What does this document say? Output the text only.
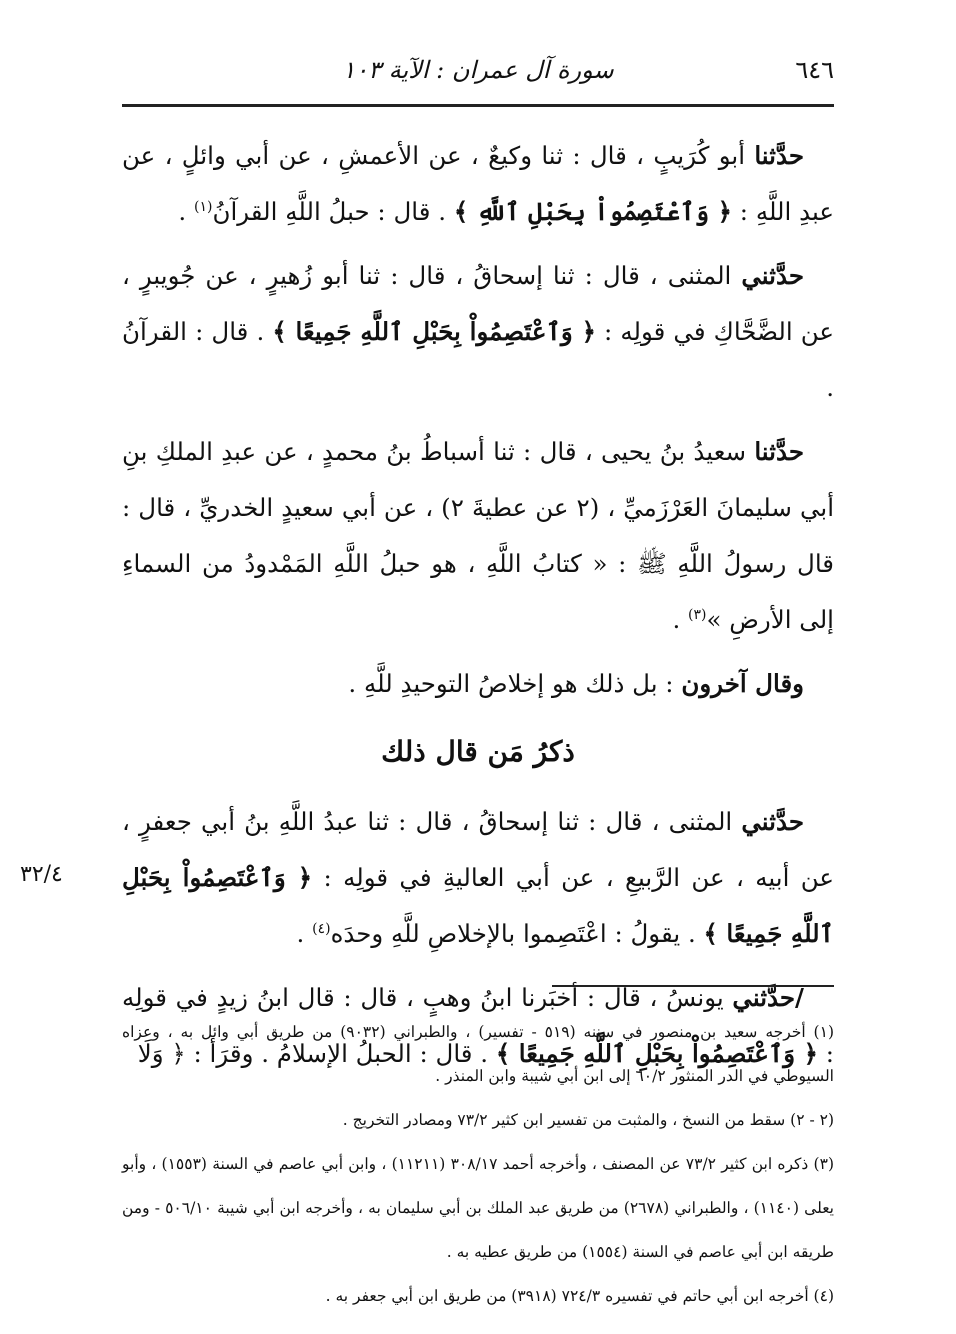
٦٤٦
سورة آل عمران : الآية ١٠٣

حدَّثنا أبو كُرَيبٍ ، قال : ثنا وكيعٌ ، عن الأعمشِ ، عن أبي وائلٍ ، عن عبدِ اللَّهِ : ﴿ وَٱعْتَصِمُواْ بِحَبْلِ ٱللَّهِ ﴾ . قال : حبلُ اللَّهِ القرآنُ$^{(١)}$ .

حدَّثني المثنى ، قال : ثنا إسحاقُ ، قال : ثنا أبو زُهيرٍ ، عن جُويبرٍ ، عن الضَّحَّاكِ في قولِه : ﴿ وَٱعْتَصِمُواْ بِحَبْلِ ٱللَّهِ جَمِيعًا ﴾ . قال : القرآنُ .

حدَّثنا سعيدُ بنُ يحيى ، قال : ثنا أسباطُ بنُ محمدٍ ، عن عبدِ الملكِ بنِ أبي سليمانَ العَرْزَميِّ ، (٢ عن عطيةَ ٢) ، عن أبي سعيدٍ الخدريِّ ، قال : قال رسولُ اللَّهِ ﷺ : « كتابُ اللَّهِ ، هو حبلُ اللَّهِ المَمْدودُ من السماءِ إلى الأرضِ »$^{(٣)}$ .

وقال آخرون : بل ذلك هو إخلاصُ التوحيدِ للَّهِ .

ذكرُ مَن قال ذلك

حدَّثني المثنى ، قال : ثنا إسحاقُ ، قال : ثنا عبدُ اللَّهِ بنُ أبي جعفرٍ ، عن أبيه ، عن الرَّبيعِ ، عن أبي العاليةِ في قولِه : ﴿ وَٱعْتَصِمُواْ بِحَبْلِ ٱللَّهِ جَمِيعًا ﴾ . يقولُ : اعْتَصِموا بالإخلاصِ للَّهِ وحدَه$^{(٤)}$ .

/حدَّثني يونسُ ، قال : أخبَرنا ابنُ وهبٍ ، قال : قال ابنُ زيدٍ في قولِه : ﴿ وَٱعْتَصِمُواْ بِحَبْلِ ٱللَّهِ جَمِيعًا ﴾ . قال : الحبلُ الإسلامُ . وقرَأ : ﴿ وَلَا

٣٢/٤

(١) أخرجه سعيد بن منصور في سننه (٥١٩ - تفسير) ، والطبراني (٩٠٣٢) من طريق أبي وائل به ، وعزاه السيوطي في الدر المنثور ٦٠/٢ إلى ابن أبي شيبة وابن المنذر .

(٢ - ٢) سقط من النسخ ، والمثبت من تفسير ابن كثير ٧٣/٢ ومصادر التخريج .

(٣) ذكره ابن كثير ٧٣/٢ عن المصنف ، وأخرجه أحمد ٣٠٨/١٧ (١١٢١١) ، وابن أبي عاصم في السنة (١٥٥٣) ، وأبو يعلى (١١٤٠) ، والطبراني (٢٦٧٨) من طريق عبد الملك بن أبي سليمان به ، وأخرجه ابن أبي شيبة ٥٠٦/١٠ - ومن طريقه ابن أبي عاصم في السنة (١٥٥٤) من طريق عطيه به .

(٤) أخرجه ابن أبي حاتم في تفسيره ٧٢٤/٣ (٣٩١٨) من طريق ابن أبي جعفر به .
